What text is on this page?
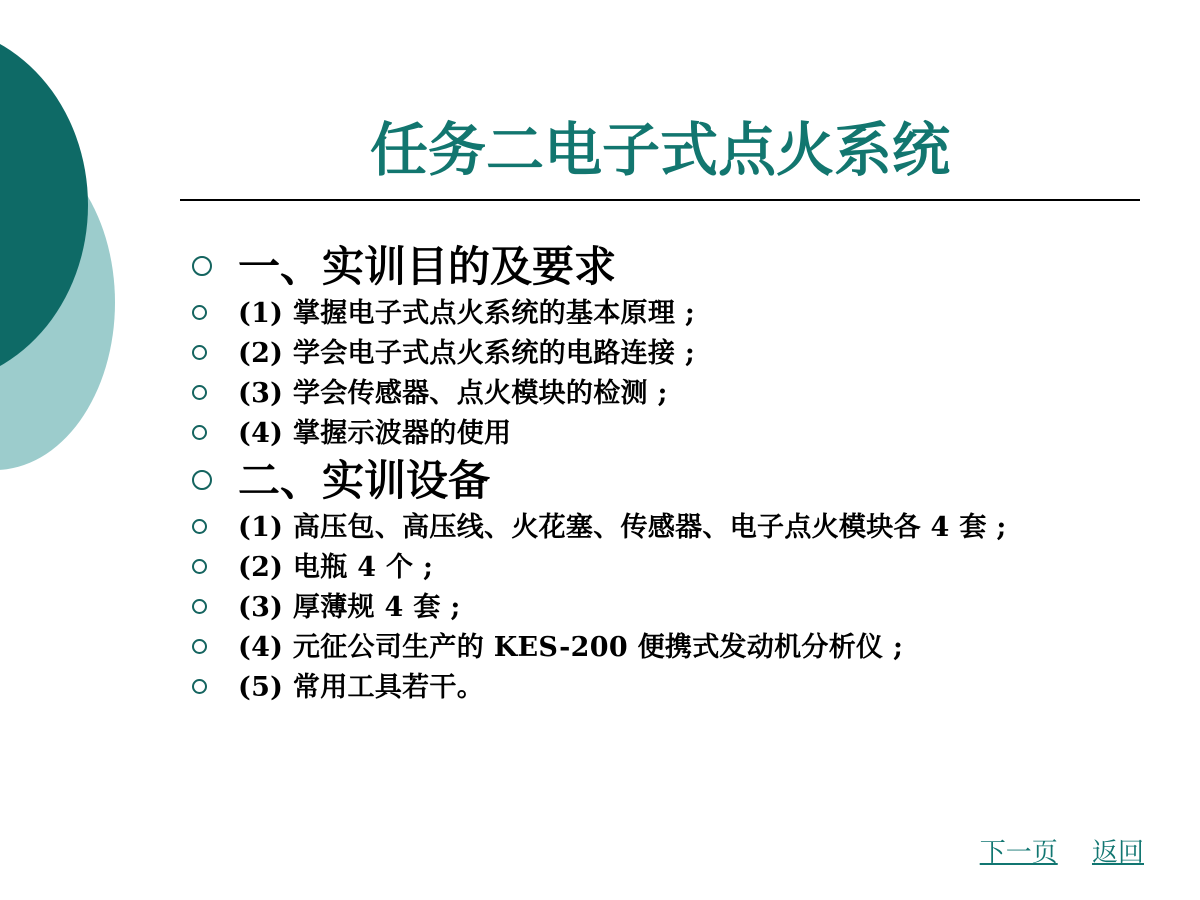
任务二电子式点火系统
一、实训目的及要求
(1) 掌握电子式点火系统的基本原理 ;
(2) 学会电子式点火系统的电路连接 ;
(3) 学会传感器、点火模块的检测 ;
(4) 掌握示波器的使用
二、实训设备
(1) 高压包、高压线、火花塞、传感器、电子点火模块各 4 套 ;
(2) 电瓶 4 个 ;
(3) 厚薄规 4 套 ;
(4) 元征公司生产的 KES-200 便携式发动机分析仪 ;
(5) 常用工具若干。
下一页 返回
